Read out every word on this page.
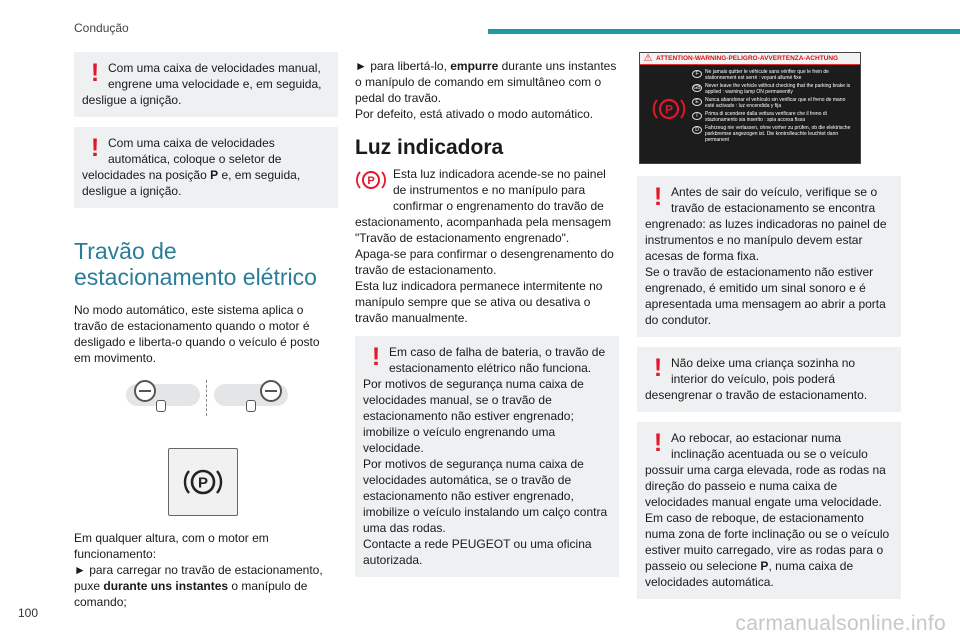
Condução
! Com uma caixa de velocidades manual, engrene uma velocidade e, em seguida, desligue a ignição.

! Com uma caixa de velocidades automática, coloque o seletor de velocidades na posição P e, em seguida, desligue a ignição.

Travão de estacionamento elétrico

No modo automático, este sistema aplica o travão de estacionamento quando o motor é desligado e liberta-o quando o veículo é posto em movimento.

P

Em qualquer altura, com o motor em funcionamento:

► para carregar no travão de estacionamento, puxe durante uns instantes o manípulo de comando;

► para libertá-lo, empurre durante uns instantes o manípulo de comando em simultâneo com o pedal do travão.

Por defeito, está ativado o modo automático.

Luz indicadora
P	Esta luz indicadora acende-se no painel de instrumentos e no manípulo para confirmar o engrenamento do travão de estacionamento, acompanhada pela mensagem "Travão de estacionamento engrenado".

Apaga-se para confirmar o desengrenamento do travão de estacionamento.

Esta luz indicadora permanece intermitente no manípulo sempre que se ativa ou desativa o travão manualmente.

! Em caso de falha de bateria, o travão de estacionamento elétrico não funciona.

Por motivos de segurança numa caixa de velocidades manual, se o travão de estacionamento não estiver engrenado; imobilize o veículo engrenando uma velocidade.

Por motivos de segurança numa caixa de velocidades automática, se o travão de estacionamento não estiver engrenado, imobilize o veículo instalando um calço contra uma das rodas.

Contacte a rede PEUGEOT ou uma oficina autorizada.

⚠ ATTENTION-WARNING-PELIGRO-AVVERTENZA-ACHTUNG
P
F	Ne jamais quitter le véhicule sans vérifier que le frein de stationnement est serré : voyant allumé fixe
GB Never leave the vehicle without checking that the parking brake is applied : warning lamp ON permanently
E	Nunca abandonar el vehículo sin verificar que el freno de mano esté activado : luz encendida y fija
I	Prima di scendere dalla vettura verificare che il freno di stazionamento sia inserito : spia accesa fissa
D	Fahrzeug nie verlassen, ohne vorher zu prüfen, ob die elektrische parkbremse angezogen ist. Die kontrolleuchte leuchtet dann permanent
! Antes de sair do veículo, verifique se o travão de estacionamento se encontra engrenado: as luzes indicadoras no painel de instrumentos e no manípulo devem estar acesas de forma fixa.

Se o travão de estacionamento não estiver engrenado, é emitido um sinal sonoro e é apresentada uma mensagem ao abrir a porta do condutor.

! Não deixe uma criança sozinha no interior do veículo, pois poderá desengrenar o travão de estacionamento.

! Ao rebocar, ao estacionar numa inclinação acentuada ou se o veículo possuir uma carga elevada, rode as rodas na direção do passeio e numa caixa de velocidades manual engate uma velocidade.

Em caso de reboque, de estacionamento numa zona de forte inclinação ou se o veículo estiver muito carregado, vire as rodas para o passeio ou selecione P, numa caixa de velocidades automática.

100	carmanualsonline.info
